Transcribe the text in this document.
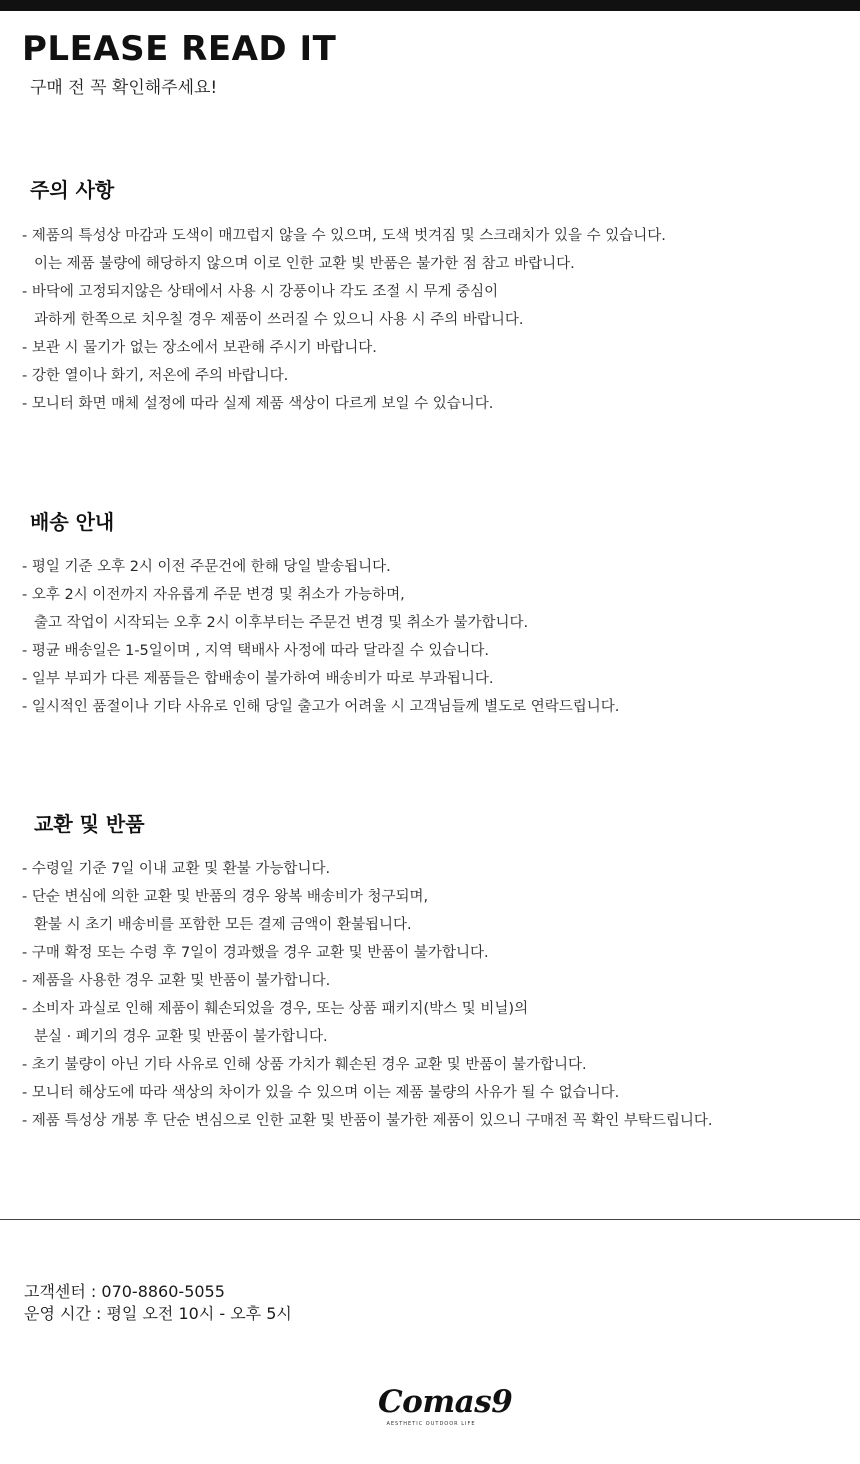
PLEASE READ IT
구매 전 꼭 확인해주세요!
주의 사항
- 제품의 특성상 마감과 도색이 매끄럽지 않을 수 있으며, 도색 벗겨짐 및 스크래치가 있을 수 있습니다.
이는 제품 불량에 해당하지 않으며 이로 인한 교환 빛 반품은 불가한 점 참고 바랍니다.
- 바닥에 고정되지않은 상태에서 사용 시 강풍이나 각도 조절 시 무게 중심이
과하게 한쪽으로 치우칠 경우 제품이 쓰러질 수 있으니 사용 시 주의 바랍니다.
- 보관 시 물기가 없는 장소에서 보관해 주시기 바랍니다.
- 강한 열이나 화기, 저온에 주의 바랍니다.
- 모니터 화면 매체 설정에 따라 실제 제품 색상이 다르게 보일 수 있습니다.
배송 안내
- 평일 기준 오후 2시 이전 주문건에 한해 당일 발송됩니다.
- 오후 2시 이전까지 자유롭게 주문 변경 및 취소가 가능하며,
출고 작업이 시작되는 오후 2시 이후부터는 주문건 변경 및 취소가 불가합니다.
- 평균 배송일은 1-5일이며 , 지역 택배사 사정에 따라 달라질 수 있습니다.
- 일부 부피가 다른 제품들은 합배송이 불가하여 배송비가 따로 부과됩니다.
- 일시적인 품절이나 기타 사유로 인해 당일 출고가 어려울 시 고객님들께 별도로 연락드립니다.
교환 및 반품
- 수령일 기준 7일 이내 교환 및 환불 가능합니다.
- 단순 변심에 의한 교환 및 반품의 경우 왕복 배송비가 청구되며,
환불 시 초기 배송비를 포함한 모든 결제 금액이 환불됩니다.
- 구매 확정 또는 수령 후 7일이 경과했을 경우 교환 및 반품이 불가합니다.
- 제품을 사용한 경우 교환 및 반품이 불가합니다.
- 소비자 과실로 인해 제품이 훼손되었을 경우, 또는 상품 패키지(박스 및 비닐)의
분실 · 폐기의 경우 교환 및 반품이 불가합니다.
- 초기 불량이 아닌 기타 사유로 인해 상품 가치가 훼손된 경우 교환 및 반품이 불가합니다.
- 모니터 해상도에 따라 색상의 차이가 있을 수 있으며 이는 제품 불량의 사유가 될 수 없습니다.
- 제품 특성상 개봉 후 단순 변심으로 인한 교환 및 반품이 불가한 제품이 있으니 구매전 꼭 확인 부탁드립니다.
고객센터 : 070-8860-5055
운영 시간 : 평일 오전 10시 - 오후 5시
Comas9
AESTHETIC OUTDOOR LIFE
